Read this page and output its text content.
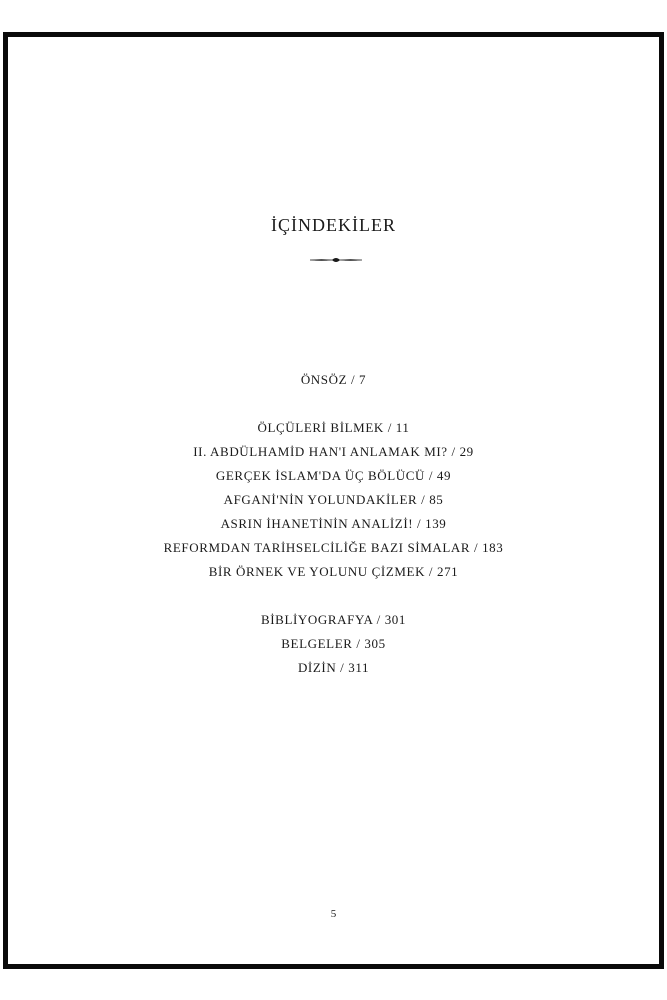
İÇİNDEKİLER
ÖNSÖZ / 7
ÖLÇÜLERİ BİLMEK / 11
II. ABDÜLHAMİD HAN'I ANLAMAK MI? / 29
GERÇEK İSLAM'DA ÜÇ BÖLÜCÜ / 49
AFGANİ'NİN YOLUNDAKİLER / 85
ASRIN İHANETİNİN ANALİZİ! / 139
REFORMDAN TARİHSELCİLİĞE BAZI SİMALAR / 183
BİR ÖRNEK VE YOLUNU ÇİZMEK / 271
BİBLİYOGRAFYA / 301
BELGELER / 305
DİZİN / 311
5
